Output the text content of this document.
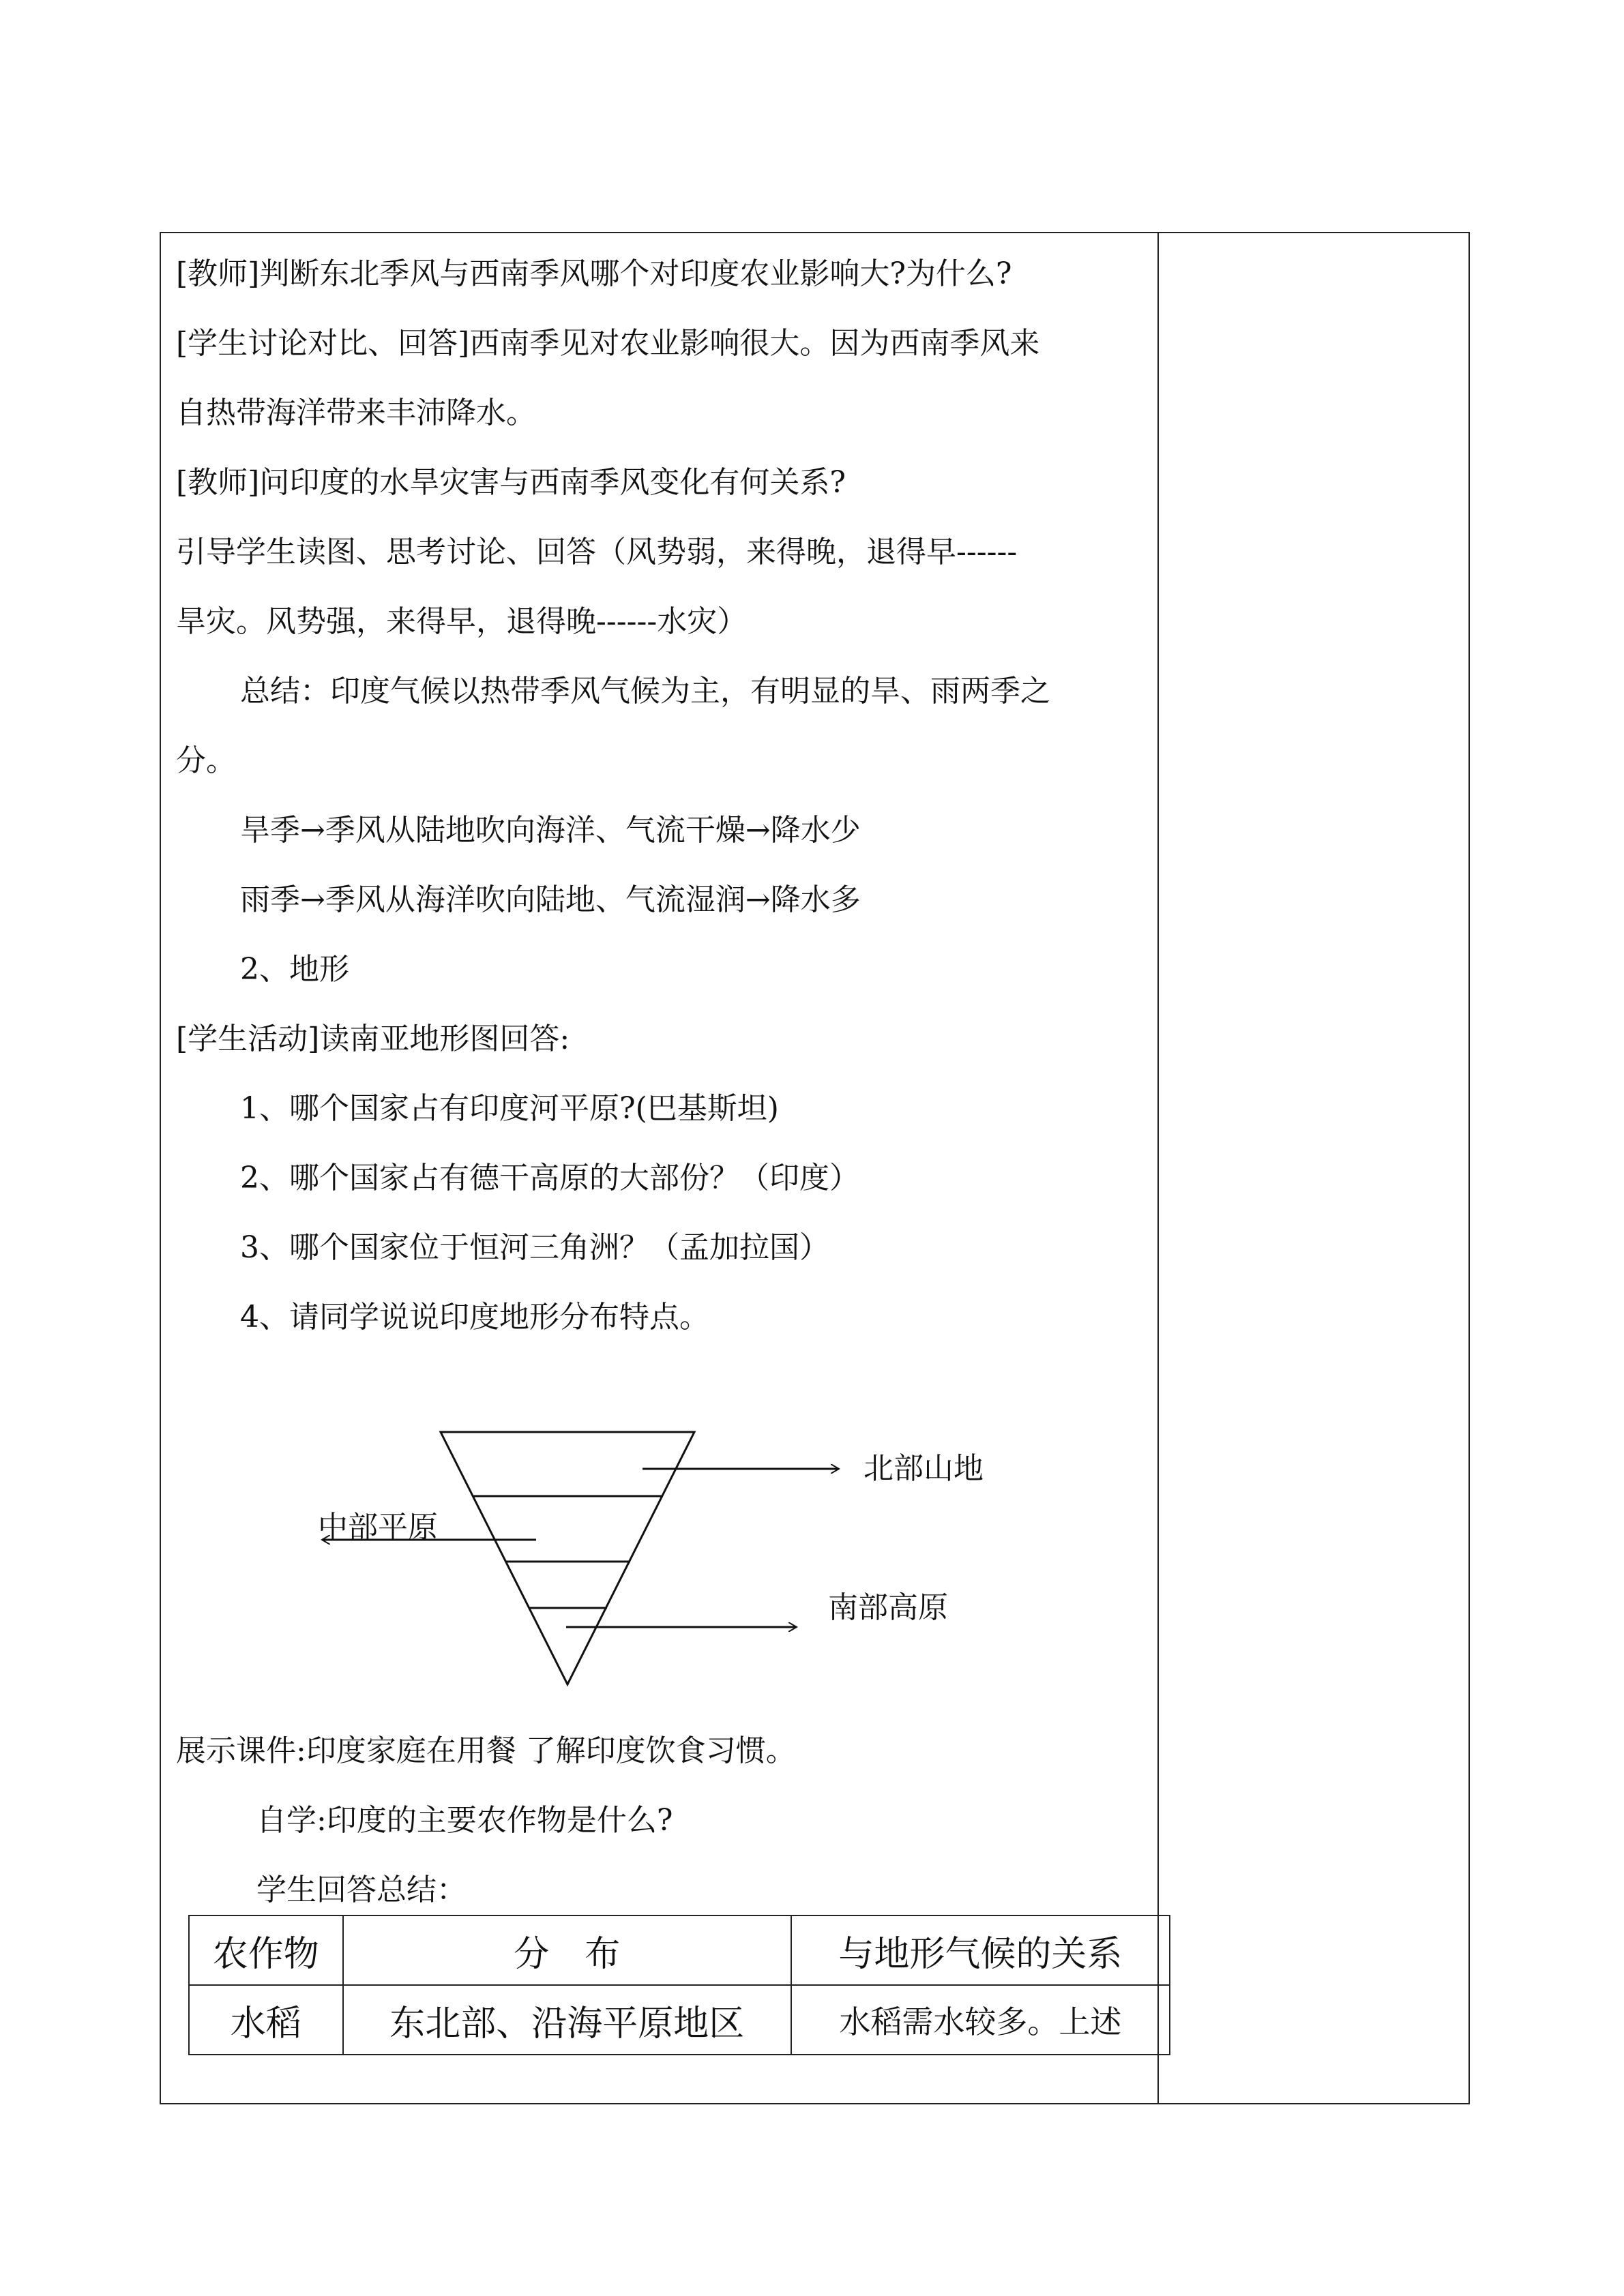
[教师]判断东北季风与西南季风哪个对印度农业影响大?为什么?
[学生讨论对比、回答]西南季见对农业影响很大。因为西南季风来
自热带海洋带来丰沛降水。
[教师]问印度的水旱灾害与西南季风变化有何关系?
引导学生读图、思考讨论、回答（风势弱，来得晚，退得早------
旱灾。风势强，来得早，退得晚------水灾）
总结：印度气候以热带季风气候为主，有明显的旱、雨两季之
分。
旱季→季风从陆地吹向海洋、气流干燥→降水少
雨季→季风从海洋吹向陆地、气流湿润→降水多
2、地形
[学生活动]读南亚地形图回答:
1、哪个国家占有印度河平原?(巴基斯坦)
2、哪个国家占有德干高原的大部份？（印度）
3、哪个国家位于恒河三角洲？（孟加拉国）
4、请同学说说印度地形分布特点。
北部山地
中部平原
南部高原
展示课件:印度家庭在用餐 了解印度饮食习惯。
自学:印度的主要农作物是什么?
学生回答总结：
农作物	分　布	与地形气候的关系
水稻	东北部、沿海平原地区	水稻需水较多。上述
